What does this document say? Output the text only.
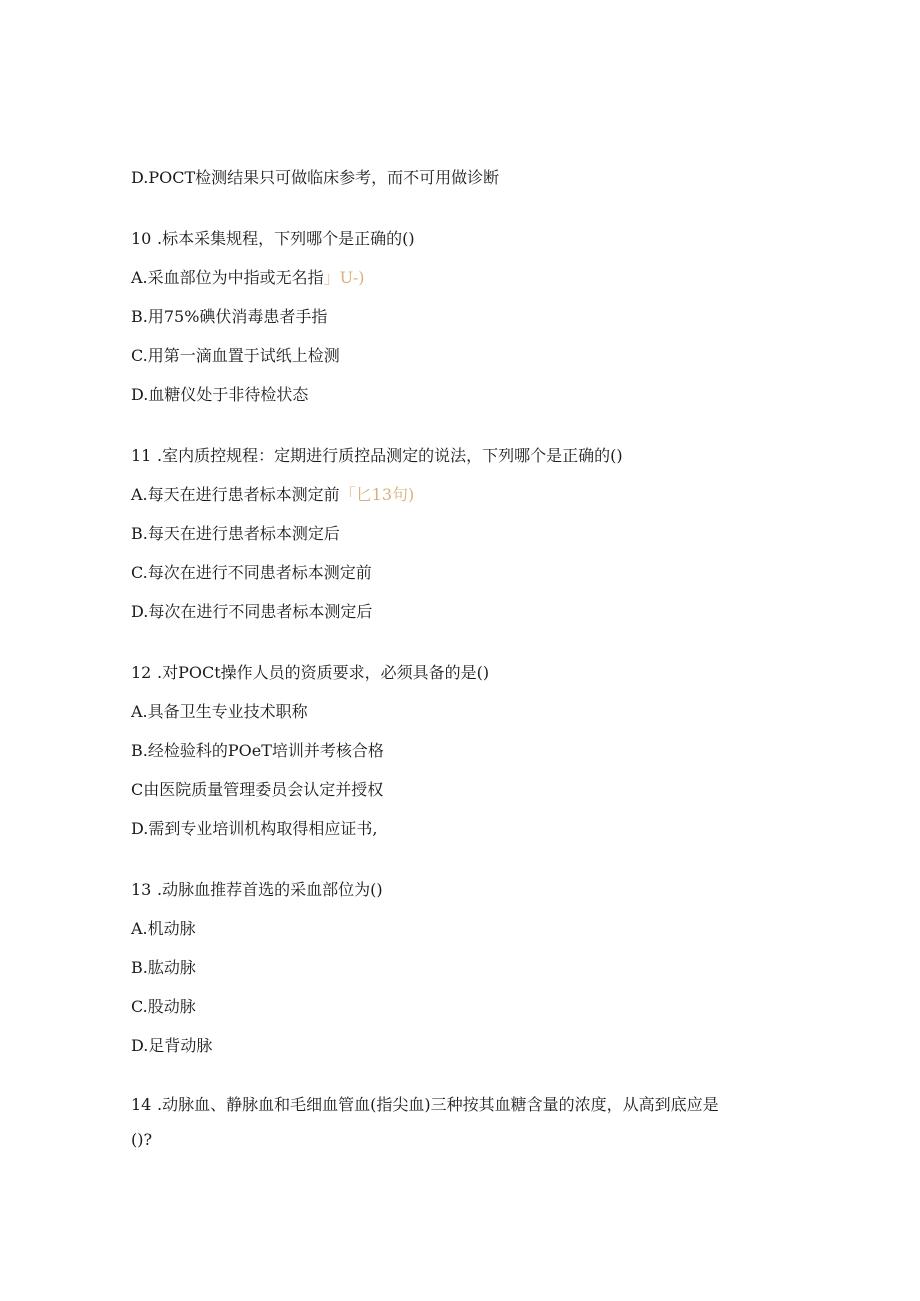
D.POCT检测结果只可做临床参考，而不可用做诊断
10 .标本采集规程，下列哪个是正确的()
A.采血部位为中指或无名指」U-)
B.用75%碘伏消毒患者手指
C.用第一滴血置于试纸上检测
D.血糖仪处于非待检状态
11 .室内质控规程：定期进行质控品测定的说法，下列哪个是正确的()
A.每天在进行患者标本测定前「匕13句)
B.每天在进行患者标本测定后
C.每次在进行不同患者标本测定前
D.每次在进行不同患者标本测定后
12 .对POCt操作人员的资质要求，必须具备的是()
A.具备卫生专业技术职称
B.经检验科的POeT培训并考核合格
C由医院质量管理委员会认定并授权
D.需到专业培训机构取得相应证书,
13 .动脉血推荐首选的采血部位为()
A.机动脉
B.肱动脉
C.股动脉
D.足背动脉
14 .动脉血、静脉血和毛细血管血(指尖血)三种按其血糖含量的浓度，从高到底应是
()?
